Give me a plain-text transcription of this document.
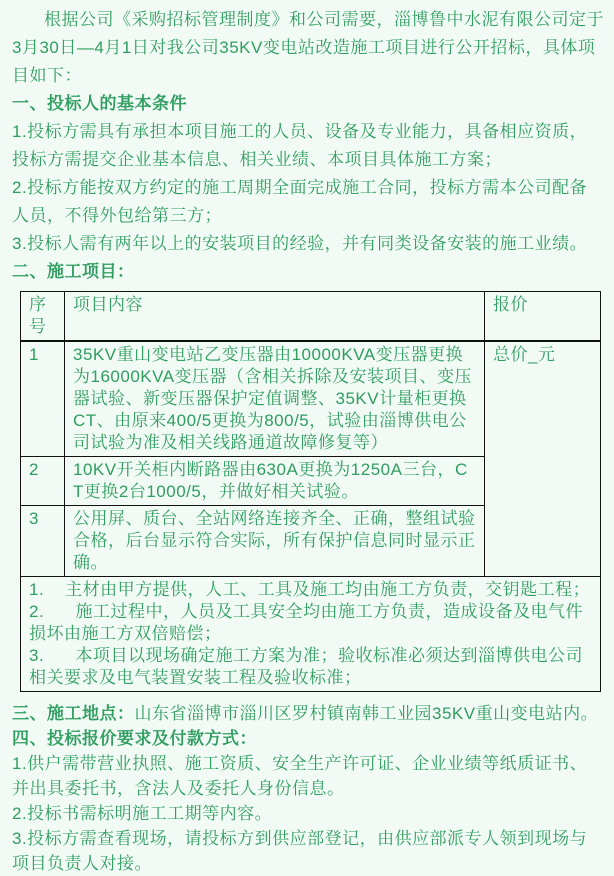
根据公司《采购招标管理制度》和公司需要，淄博鲁中水泥有限公司定于3月30日—4月1日对我公司35KV变电站改造施工项目进行公开招标，具体项目如下：

一、投标人的基本条件

1.投标方需具有承担本项目施工的人员、设备及专业能力，具备相应资质，投标方需提交企业基本信息、相关业绩、本项目具体施工方案；

2.投标方能按双方约定的施工周期全面完成施工合同，投标方需本公司配备人员，不得外包给第三方；

3.投标人需有两年以上的安装项目的经验，并有同类设备安装的施工业绩。

二、施工项目：
序号	项目内容	报价
1	35KV重山变电站乙变压器由10000KVA变压器更换为16000KVA变压器（含相关拆除及安装项目、变压器试验、新变压器保护定值调整、35KV计量柜更换CT、由原来400/5更换为800/5，试验由淄博供电公司试验为准及相关线路通道故障修复等）	总价_元
2	10KV开关柜内断路器由630A更换为1250A三台，CT更换2台1000/5，并做好相关试验。	
3	公用屏、质台、全站网络连接齐全、正确，整组试验合格，后台显示符合实际，所有保护信息同时显示正确。	

1.    主材由甲方提供，人工、工具及施工均由施工方负责，交钥匙工程；

2.      施工过程中，人员及工具安全均由施工方负责，造成设备及电气件损坏由施工方双倍赔偿；

3.      本项目以现场确定施工方案为准；验收标准必须达到淄博供电公司相关要求及电气装置安装工程及验收标准；		

三、施工地点：山东省淄博市淄川区罗村镇南韩工业园35KV重山变电站内。

四、投标报价要求及付款方式：

1.供户需带营业执照、施工资质、安全生产许可证、企业业绩等纸质证书、并出具委托书，含法人及委托人身份信息。

2.投标书需标明施工工期等内容。

3.投标方需查看现场，请投标方到供应部登记，由供应部派专人领到现场与项目负责人对接。
